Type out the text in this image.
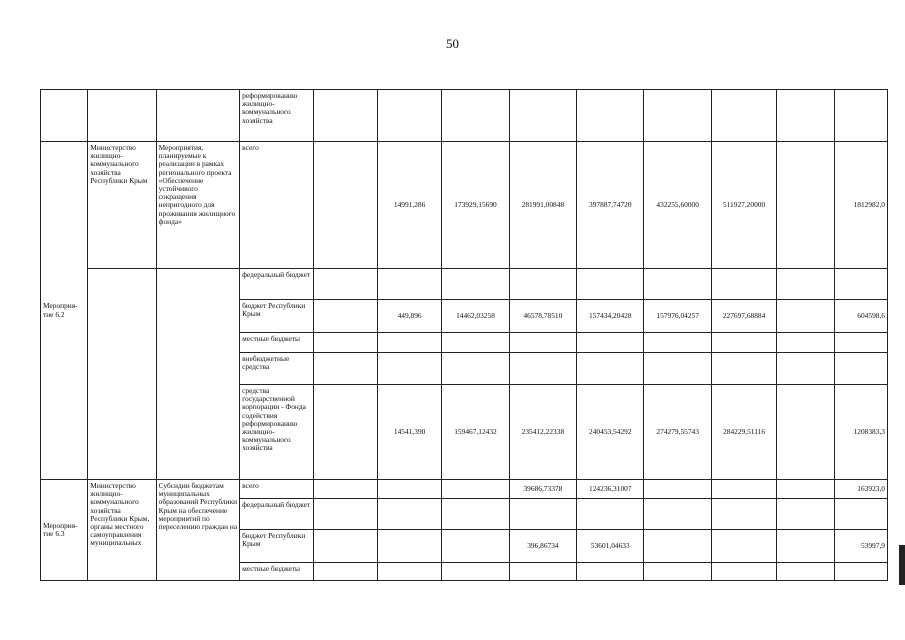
50
			реформированию жилищно-коммунального хозяйства									
Мероприя-тие 6.2	Министерство жилищно-коммунального хозяйства Республики Крым	Мероприятия, планируемые к реализации в рамках регионального проекта «Обеспечение устойчивого сокращения непригодного для проживания жилищного фонда»	всего		14991,286	173929,15690	281991,00848	397887,74720	432255,60000	511927,20000		1812982,0
			федеральный бюджет									
			бюджет Республики Крым		449,896	14462,03258	46578,78510	157434,20428	157976,04257	227697,68884		604598,6
			местные бюджеты									
			внебюджетные средства									
			средства государственной корпорации - Фонда содействия реформированию жилищно-коммунального хозяйства		14541,390	159467,12432	235412,22338	240453,54292	274279,55743	284229,51116		1208383,3
Мероприя-тие 6.3	Министерство жилищно-коммунального хозяйства Республики Крым, органы местного самоуправления муниципальных	Субсидии бюджетам муниципальных образований Республики Крым на обеспечение мероприятий по переселению граждан на	всего				39686,73378	124236,31007				163923,0
			федеральный бюджет									
			бюджет Республики Крым				396,86734	53601,04633				53997,9
			местные бюджеты									
